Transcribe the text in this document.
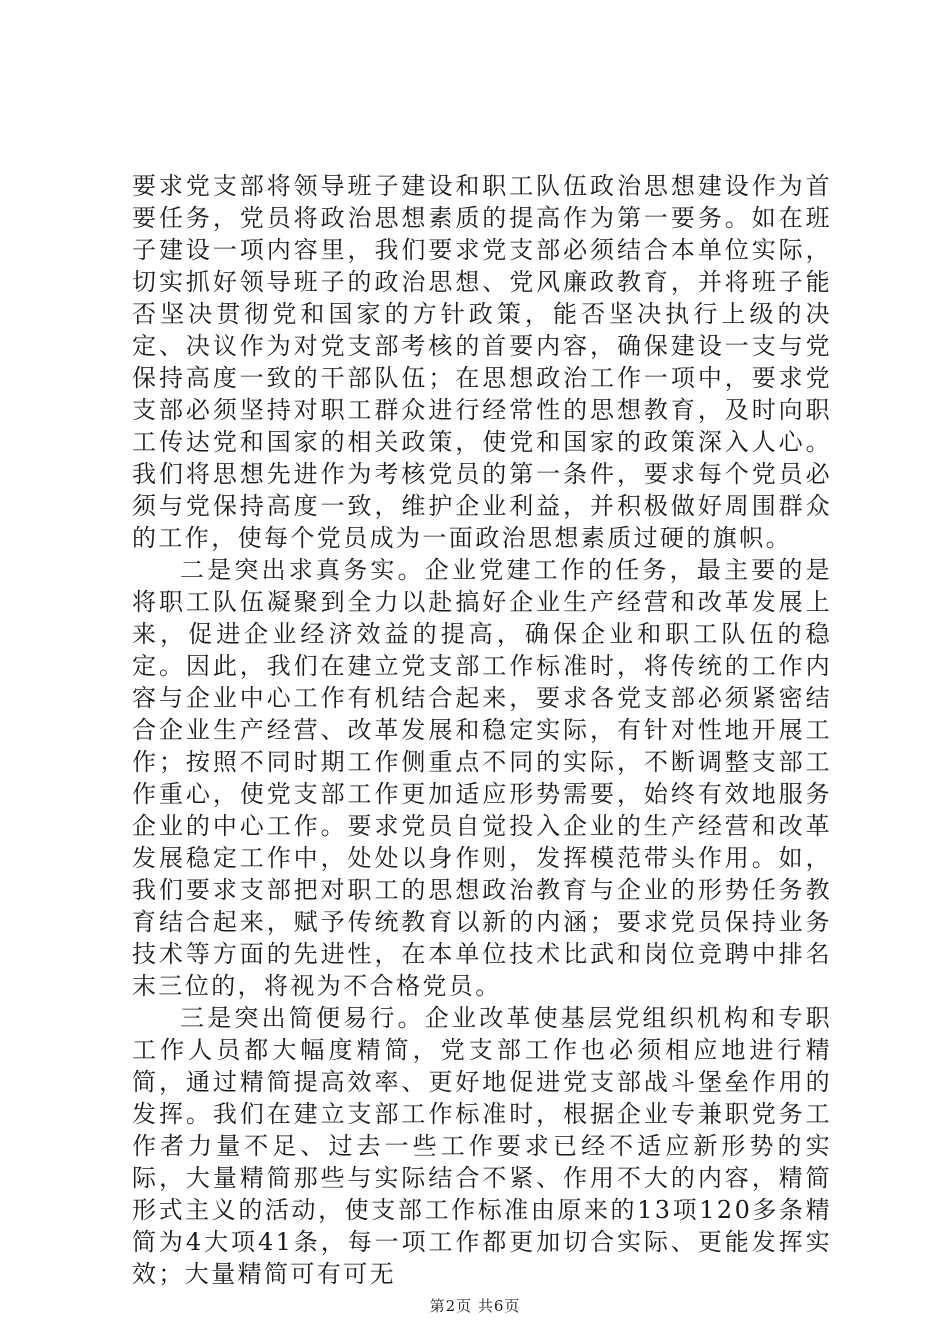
要求党支部将领导班子建设和职工队伍政治思想建设作为首要任务，党员将政治思想素质的提高作为第一要务。如在班子建设一项内容里，我们要求党支部必须结合本单位实际，切实抓好领导班子的政治思想、党风廉政教育，并将班子能否坚决贯彻党和国家的方针政策，能否坚决执行上级的决定、决议作为对党支部考核的首要内容，确保建设一支与党保持高度一致的干部队伍；在思想政治工作一项中，要求党支部必须坚持对职工群众进行经常性的思想教育，及时向职工传达党和国家的相关政策，使党和国家的政策深入人心。我们将思想先进作为考核党员的第一条件，要求每个党员必须与党保持高度一致，维护企业利益，并积极做好周围群众的工作，使每个党员成为一面政治思想素质过硬的旗帜。

二是突出求真务实。企业党建工作的任务，最主要的是将职工队伍凝聚到全力以赴搞好企业生产经营和改革发展上来，促进企业经济效益的提高，确保企业和职工队伍的稳定。因此，我们在建立党支部工作标准时，将传统的工作内容与企业中心工作有机结合起来，要求各党支部必须紧密结合企业生产经营、改革发展和稳定实际，有针对性地开展工作；按照不同时期工作侧重点不同的实际，不断调整支部工作重心，使党支部工作更加适应形势需要，始终有效地服务企业的中心工作。要求党员自觉投入企业的生产经营和改革发展稳定工作中，处处以身作则，发挥模范带头作用。如，我们要求支部把对职工的思想政治教育与企业的形势任务教育结合起来，赋予传统教育以新的内涵；要求党员保持业务技术等方面的先进性，在本单位技术比武和岗位竞聘中排名末三位的，将视为不合格党员。

三是突出简便易行。企业改革使基层党组织机构和专职工作人员都大幅度精简，党支部工作也必须相应地进行精简，通过精简提高效率、更好地促进党支部战斗堡垒作用的发挥。我们在建立支部工作标准时，根据企业专兼职党务工作者力量不足、过去一些工作要求已经不适应新形势的实际，大量精简那些与实际结合不紧、作用不大的内容，精简形式主义的活动，使支部工作标准由原来的13项120多条精简为4大项41条，每一项工作都更加切合实际、更能发挥实效；大量精简可有可无

第2页 共6页
